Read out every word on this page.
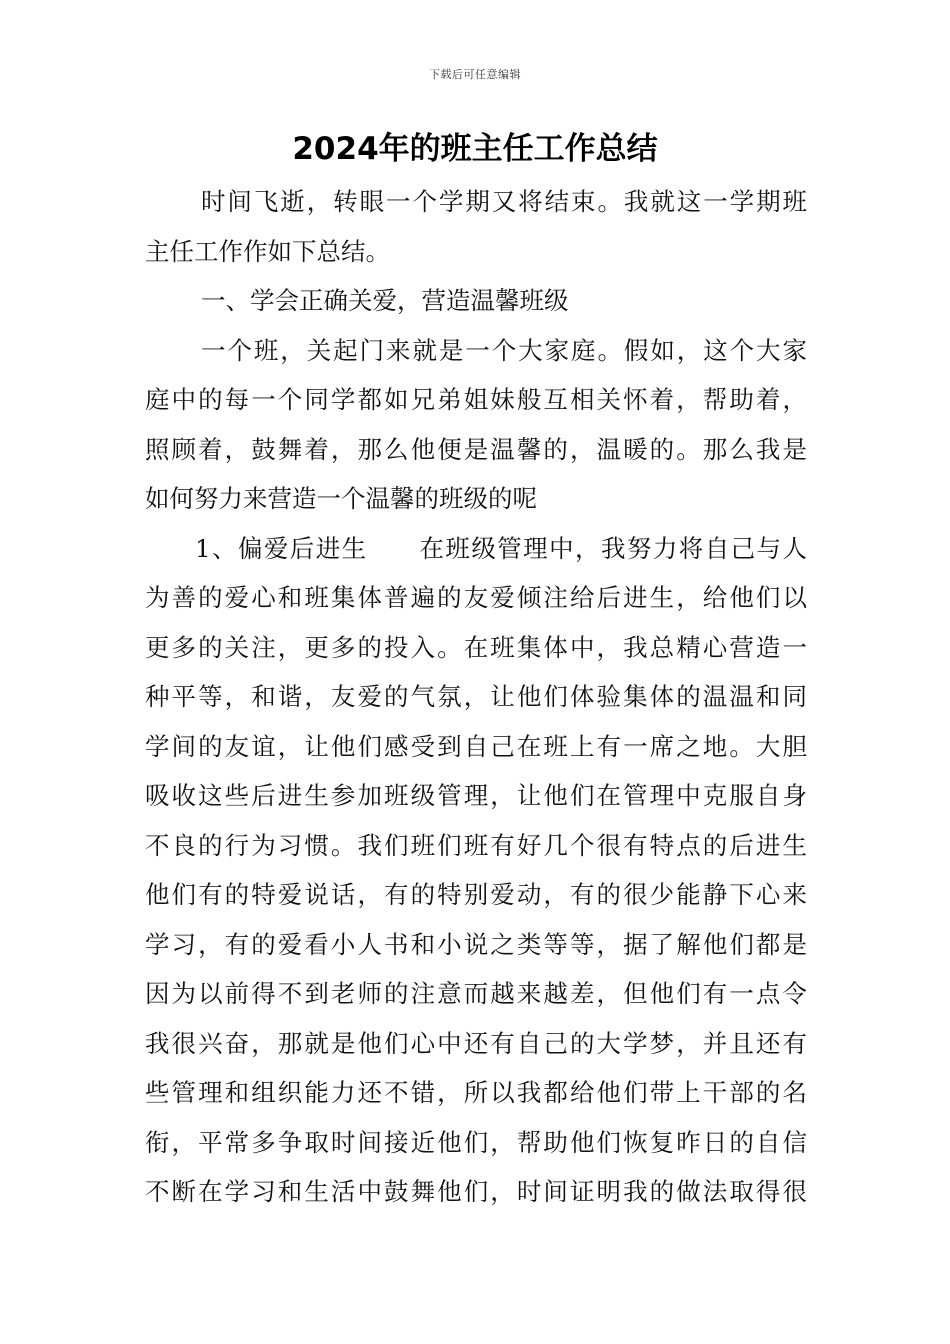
下载后可任意编辑
2024年的班主任工作总结
时间飞逝，转眼一个学期又将结束。我就这一学期班
主任工作作如下总结。
一、学会正确关爱，营造温馨班级
一个班，关起门来就是一个大家庭。假如，这个大家
庭中的每一个同学都如兄弟姐妹般互相关怀着，帮助着，
照顾着，鼓舞着，那么他便是温馨的，温暖的。那么我是
如何努力来营造一个温馨的班级的呢
1、偏爱后进生　　在班级管理中，我努力将自己与人
为善的爱心和班集体普遍的友爱倾注给后进生，给他们以
更多的关注，更多的投入。在班集体中，我总精心营造一
种平等，和谐，友爱的气氛，让他们体验集体的温温和同
学间的友谊，让他们感受到自己在班上有一席之地。大胆
吸收这些后进生参加班级管理，让他们在管理中克服自身
不良的行为习惯。我们班们班有好几个很有特点的后进生
他们有的特爱说话，有的特别爱动，有的很少能静下心来
学习，有的爱看小人书和小说之类等等，据了解他们都是
因为以前得不到老师的注意而越来越差，但他们有一点令
我很兴奋，那就是他们心中还有自己的大学梦，并且还有
些管理和组织能力还不错，所以我都给他们带上干部的名
衔，平常多争取时间接近他们，帮助他们恢复昨日的自信
不断在学习和生活中鼓舞他们，时间证明我的做法取得很
